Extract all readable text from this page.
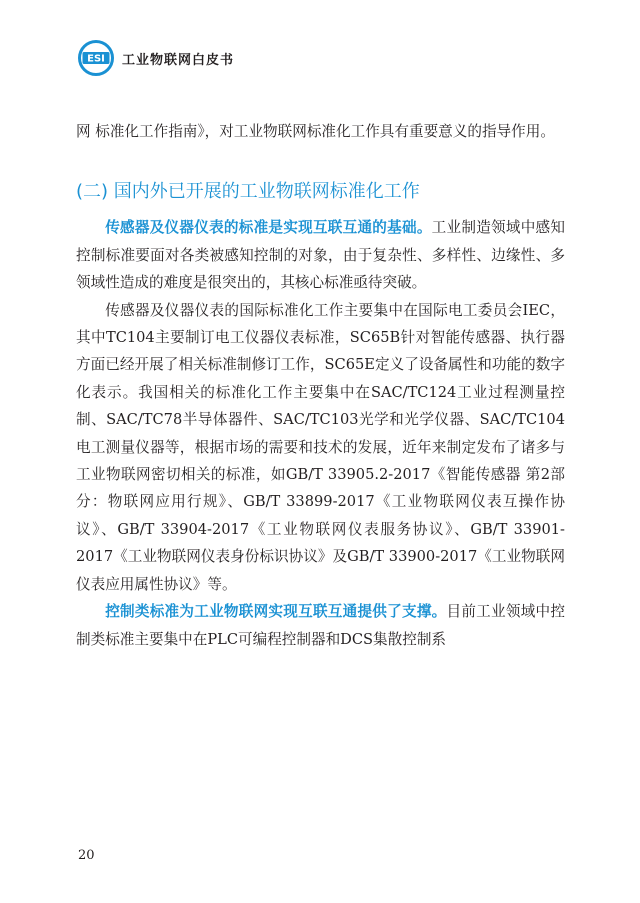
ESI 工业物联网白皮书

网 标准化工作指南》，对工业物联网标准化工作具有重要意义的指导作用。

(二) 国内外已开展的工业物联网标准化工作

传感器及仪器仪表的标准是实现互联互通的基础。工业制造领域中感知控制标准要面对各类被感知控制的对象，由于复杂性、多样性、边缘性、多领域性造成的难度是很突出的，其核心标准亟待突破。

传感器及仪器仪表的国际标准化工作主要集中在国际电工委员会IEC，其中TC104主要制订电工仪器仪表标准，SC65B针对智能传感器、执行器方面已经开展了相关标准制修订工作，SC65E定义了设备属性和功能的数字化表示。我国相关的标准化工作主要集中在SAC/TC124工业过程测量控制、SAC/TC78半导体器件、SAC/TC103光学和光学仪器、SAC/TC104电工测量仪器等，根据市场的需要和技术的发展，近年来制定发布了诸多与工业物联网密切相关的标准，如GB/T 33905.2-2017《智能传感器 第2部分：物联网应用行规》、GB/T 33899-2017《工业物联网仪表互操作协议》、GB/T 33904-2017《工业物联网仪表服务协议》、GB/T 33901-2017《工业物联网仪表身份标识协议》及GB/T 33900-2017《工业物联网仪表应用属性协议》等。

控制类标准为工业物联网实现互联互通提供了支撑。目前工业领域中控制类标准主要集中在PLC可编程控制器和DCS集散控制系

20
